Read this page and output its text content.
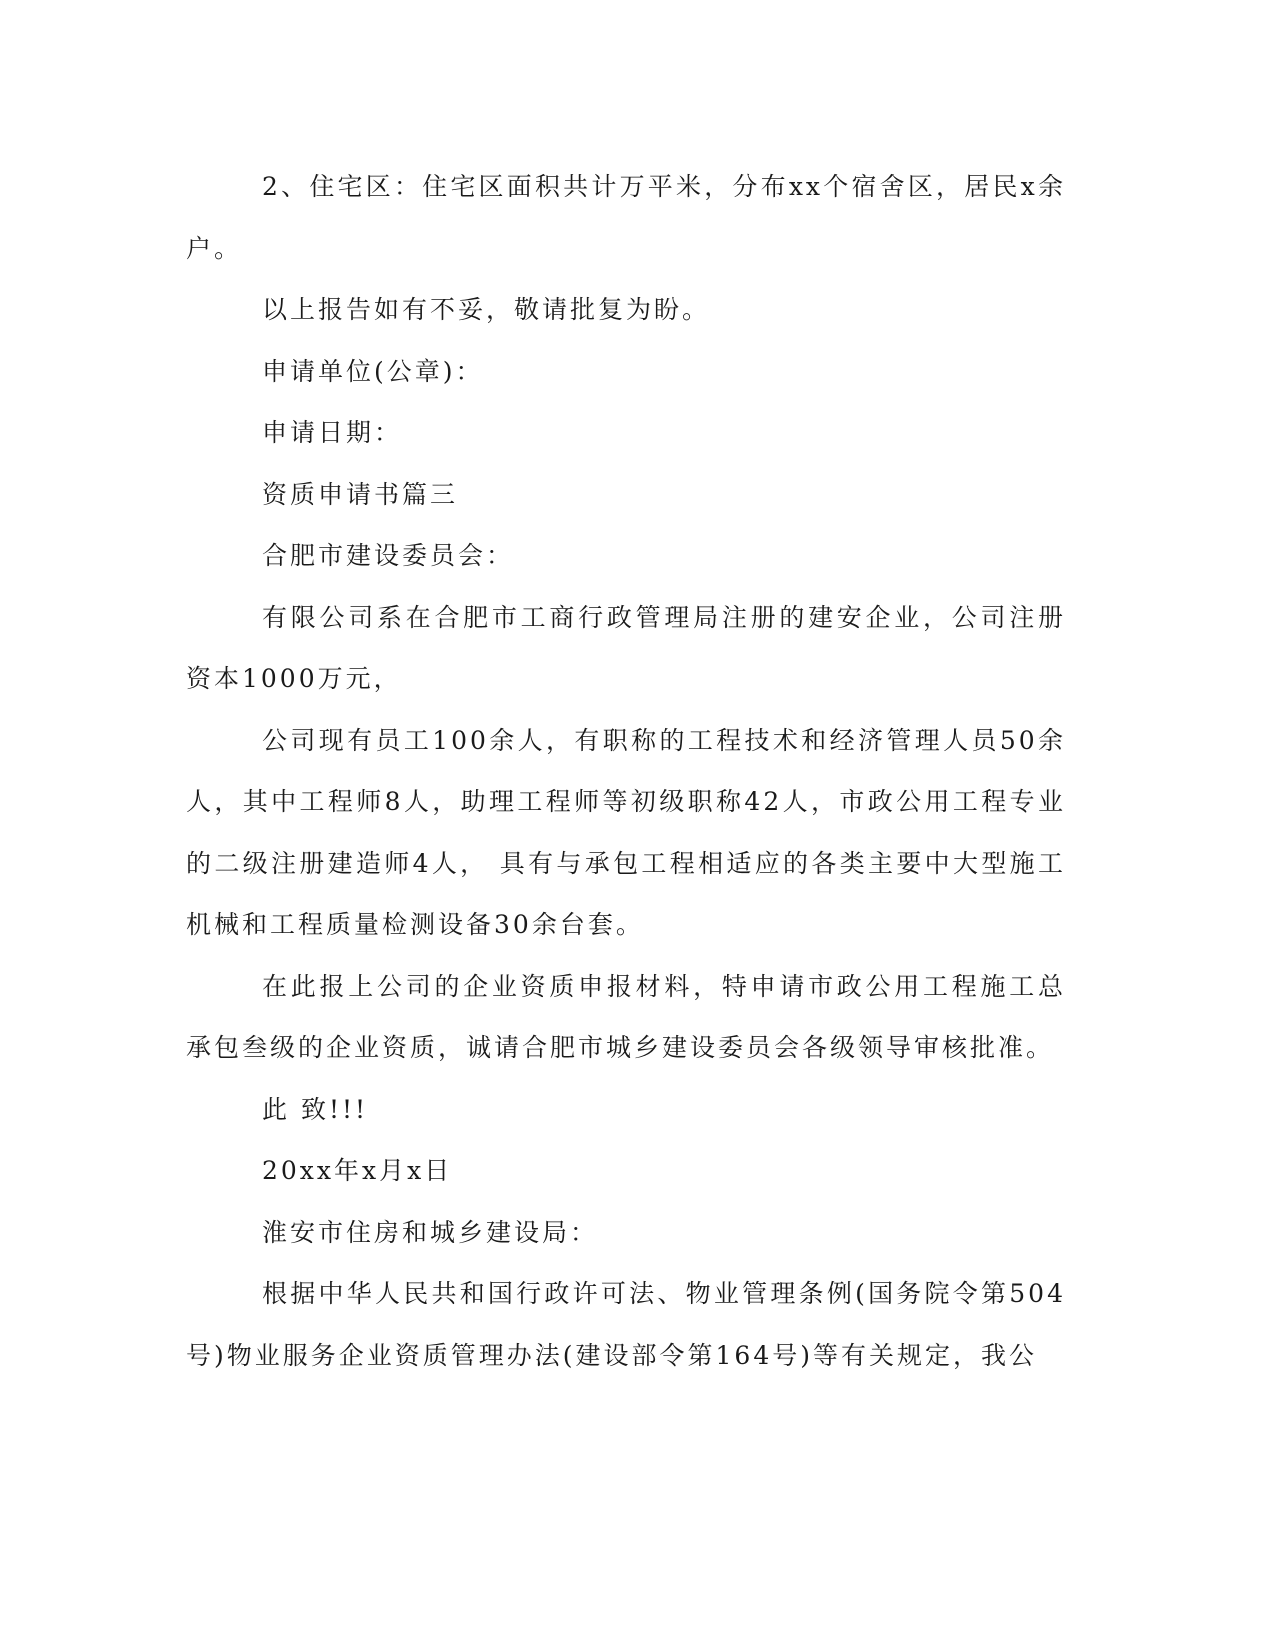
2、住宅区：住宅区面积共计万平米，分布xx个宿舍区，居民x余户。

以上报告如有不妥，敬请批复为盼。

申请单位(公章)：

申请日期：

资质申请书篇三

合肥市建设委员会：

有限公司系在合肥市工商行政管理局注册的建安企业，公司注册资本1000万元，

公司现有员工100余人，有职称的工程技术和经济管理人员50余人，其中工程师8人，助理工程师等初级职称42人，市政公用工程专业的二级注册建造师4人， 具有与承包工程相适应的各类主要中大型施工机械和工程质量检测设备30余台套。

在此报上公司的企业资质申报材料，特申请市政公用工程施工总承包叁级的企业资质，诚请合肥市城乡建设委员会各级领导审核批准。

此 致!!!

20xx年x月x日

淮安市住房和城乡建设局：

根据中华人民共和国行政许可法、物业管理条例(国务院令第504号)物业服务企业资质管理办法(建设部令第164号)等有关规定，我公
